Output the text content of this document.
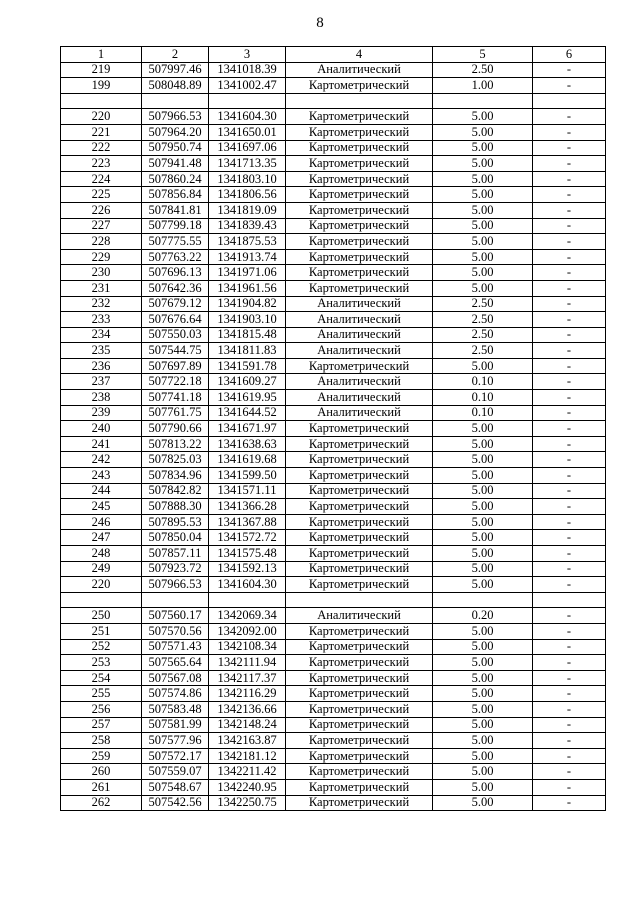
8
1	2	3	4	5	6
219	507997.46	1341018.39	Аналитический	2.50	-
199	508048.89	1341002.47	Картометрический	1.00	-

220	507966.53	1341604.30	Картометрический	5.00	-
221	507964.20	1341650.01	Картометрический	5.00	-
222	507950.74	1341697.06	Картометрический	5.00	-
223	507941.48	1341713.35	Картометрический	5.00	-
224	507860.24	1341803.10	Картометрический	5.00	-
225	507856.84	1341806.56	Картометрический	5.00	-
226	507841.81	1341819.09	Картометрический	5.00	-
227	507799.18	1341839.43	Картометрический	5.00	-
228	507775.55	1341875.53	Картометрический	5.00	-
229	507763.22	1341913.74	Картометрический	5.00	-
230	507696.13	1341971.06	Картометрический	5.00	-
231	507642.36	1341961.56	Картометрический	5.00	-
232	507679.12	1341904.82	Аналитический	2.50	-
233	507676.64	1341903.10	Аналитический	2.50	-
234	507550.03	1341815.48	Аналитический	2.50	-
235	507544.75	1341811.83	Аналитический	2.50	-
236	507697.89	1341591.78	Картометрический	5.00	-
237	507722.18	1341609.27	Аналитический	0.10	-
238	507741.18	1341619.95	Аналитический	0.10	-
239	507761.75	1341644.52	Аналитический	0.10	-
240	507790.66	1341671.97	Картометрический	5.00	-
241	507813.22	1341638.63	Картометрический	5.00	-
242	507825.03	1341619.68	Картометрический	5.00	-
243	507834.96	1341599.50	Картометрический	5.00	-
244	507842.82	1341571.11	Картометрический	5.00	-
245	507888.30	1341366.28	Картометрический	5.00	-
246	507895.53	1341367.88	Картометрический	5.00	-
247	507850.04	1341572.72	Картометрический	5.00	-
248	507857.11	1341575.48	Картометрический	5.00	-
249	507923.72	1341592.13	Картометрический	5.00	-
220	507966.53	1341604.30	Картометрический	5.00	-

250	507560.17	1342069.34	Аналитический	0.20	-
251	507570.56	1342092.00	Картометрический	5.00	-
252	507571.43	1342108.34	Картометрический	5.00	-
253	507565.64	1342111.94	Картометрический	5.00	-
254	507567.08	1342117.37	Картометрический	5.00	-
255	507574.86	1342116.29	Картометрический	5.00	-
256	507583.48	1342136.66	Картометрический	5.00	-
257	507581.99	1342148.24	Картометрический	5.00	-
258	507577.96	1342163.87	Картометрический	5.00	-
259	507572.17	1342181.12	Картометрический	5.00	-
260	507559.07	1342211.42	Картометрический	5.00	-
261	507548.67	1342240.95	Картометрический	5.00	-
262	507542.56	1342250.75	Картометрический	5.00	-
